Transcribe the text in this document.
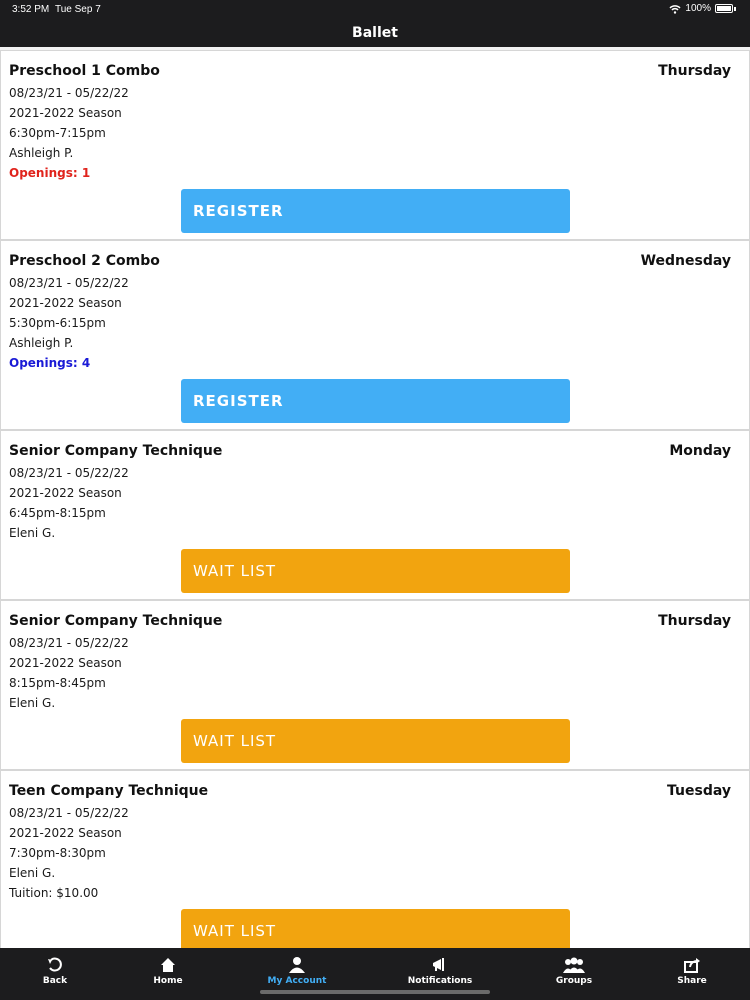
3:52 PM Tue Sep 7	100%
Ballet
Preschool 1 Combo	Thursday
08/23/21 - 05/22/22
2021-2022 Season
6:30pm-7:15pm
Ashleigh P.
Openings: 1
REGISTER
Preschool 2 Combo	Wednesday
08/23/21 - 05/22/22
2021-2022 Season
5:30pm-6:15pm
Ashleigh P.
Openings: 4
REGISTER
Senior Company Technique	Monday
08/23/21 - 05/22/22
2021-2022 Season
6:45pm-8:15pm
Eleni G.
WAIT LIST
Senior Company Technique	Thursday
08/23/21 - 05/22/22
2021-2022 Season
8:15pm-8:45pm
Eleni G.
WAIT LIST
Teen Company Technique	Tuesday
08/23/21 - 05/22/22
2021-2022 Season
7:30pm-8:30pm
Eleni G.
Tuition: $10.00
WAIT LIST
Back	Home	My Account	Notifications	Groups	Share
